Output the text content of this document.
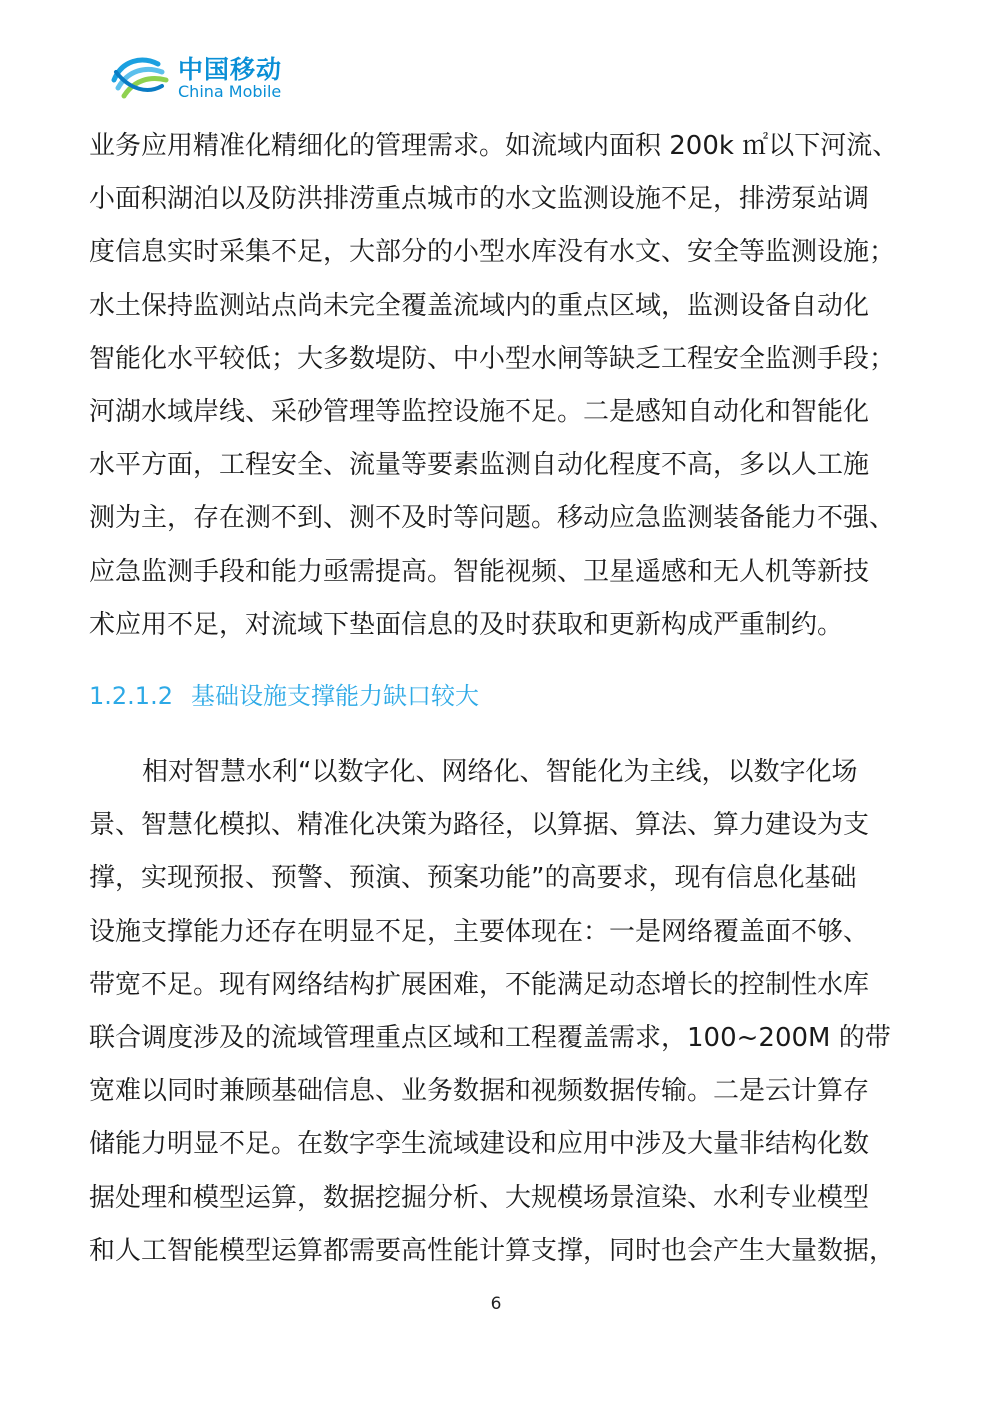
中国移动
China Mobile

业务应用精准化精细化的管理需求。如流域内面积 200k ㎡以下河流、

小面积湖泊以及防洪排涝重点城市的水文监测设施不足，排涝泵站调

度信息实时采集不足，大部分的小型水库没有水文、安全等监测设施；

水土保持监测站点尚未完全覆盖流域内的重点区域，监测设备自动化

智能化水平较低；大多数堤防、中小型水闸等缺乏工程安全监测手段；

河湖水域岸线、采砂管理等监控设施不足。二是感知自动化和智能化

水平方面，工程安全、流量等要素监测自动化程度不高，多以人工施

测为主，存在测不到、测不及时等问题。移动应急监测装备能力不强、

应急监测手段和能力亟需提高。智能视频、卫星遥感和无人机等新技

术应用不足，对流域下垫面信息的及时获取和更新构成严重制约。

1.2.1.2 基础设施支撑能力缺口较大

相对智慧水利“以数字化、网络化、智能化为主线，以数字化场

景、智慧化模拟、精准化决策为路径，以算据、算法、算力建设为支

撑，实现预报、预警、预演、预案功能”的高要求，现有信息化基础

设施支撑能力还存在明显不足，主要体现在：一是网络覆盖面不够、

带宽不足。现有网络结构扩展困难，不能满足动态增长的控制性水库

联合调度涉及的流域管理重点区域和工程覆盖需求，100~200M 的带

宽难以同时兼顾基础信息、业务数据和视频数据传输。二是云计算存

储能力明显不足。在数字孪生流域建设和应用中涉及大量非结构化数

据处理和模型运算，数据挖掘分析、大规模场景渲染、水利专业模型

和人工智能模型运算都需要高性能计算支撑，同时也会产生大量数据，

6
